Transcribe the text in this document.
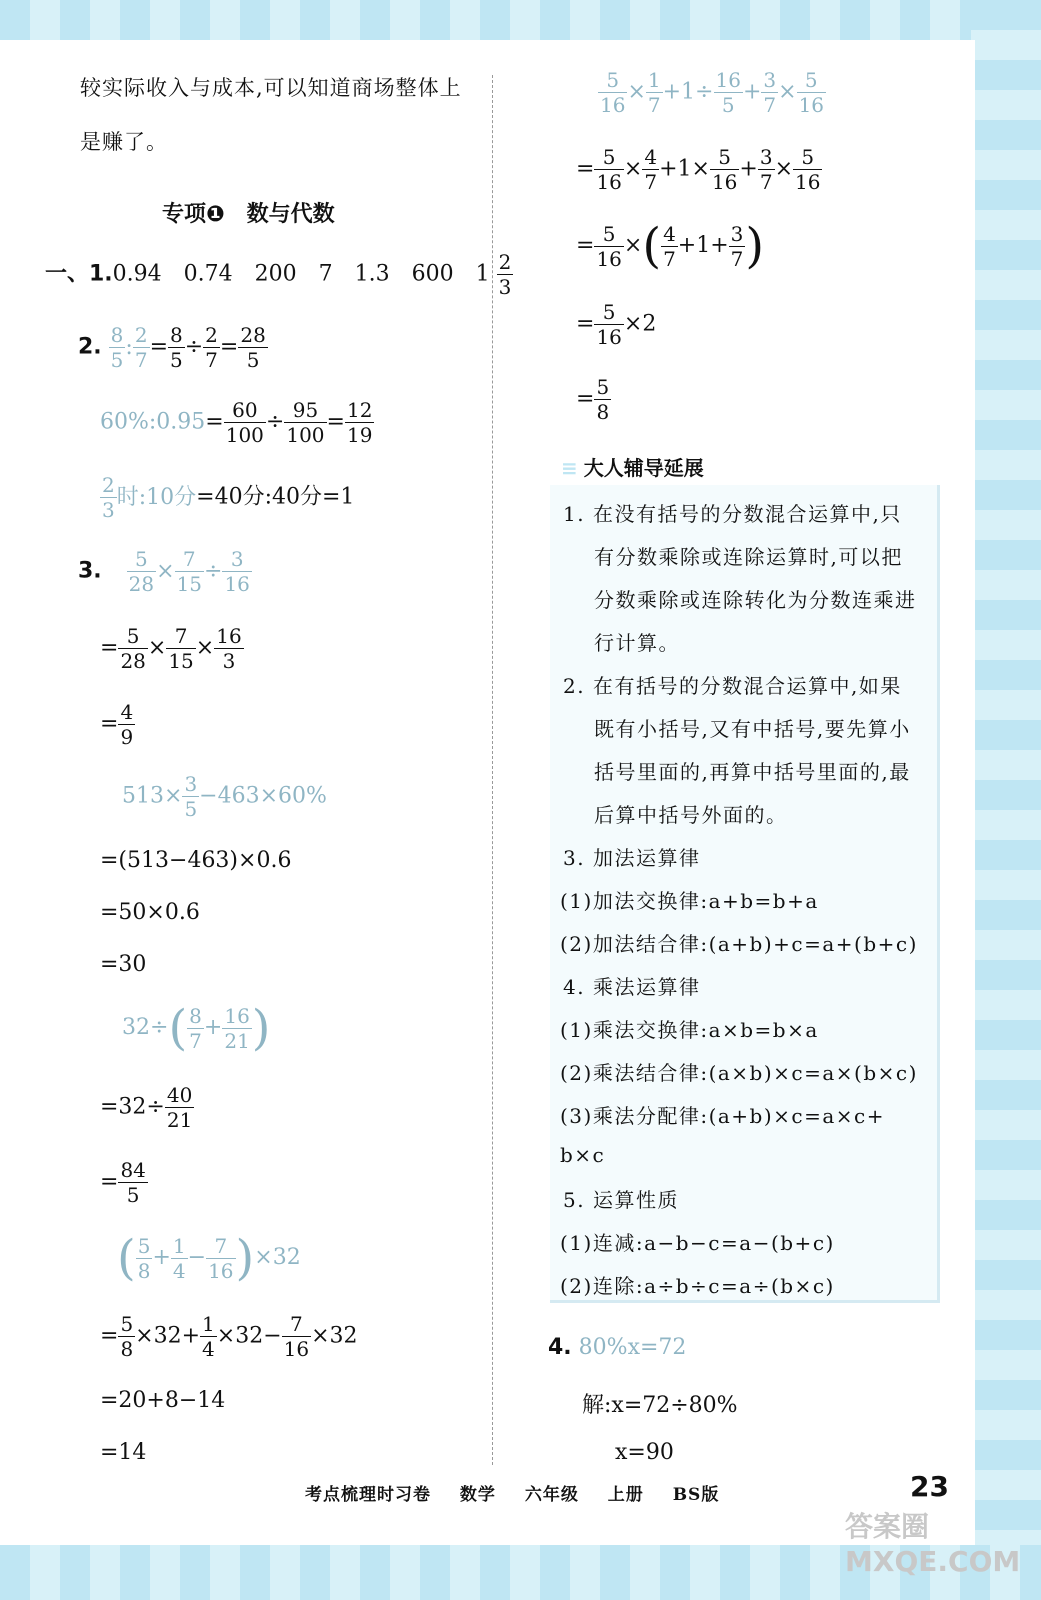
较实际收入与成本,可以知道商场整体上
是赚了。
专项❶　数与代数
一、1.0.94　0.74　200　7　1.3　600　$1 \frac{2}{3}$
2. $\frac{8}{5}$ : $\frac{2}{7} = \frac{8}{5} \div \frac{2}{7} = \frac{28}{5}$
60%:0.95= $\frac{60}{100} \div \frac{95}{100} = \frac{12}{19}$
$\frac{2}{3}$ 时:10分=40分:40分=1
3. $\frac{5}{28} \times \frac{7}{15} \div \frac{3}{16}$
= $\frac{5}{28} \times \frac{7}{15} \times \frac{16}{3}$
= $\frac{4}{9}$
$513\times \frac{3}{5} -463\times 60\%$
=(513−463)×0.6
=50×0.6
=30
$32\div( \frac{8}{7} + \frac{16}{21}$ )
$=32\div \frac{40}{21}$
= $\frac{84}{5}$
( $\frac{5}{8} + \frac{1}{4} - \frac{7}{16} )\times 32$
= $\frac{5}{8} \times 32+ \frac{1}{4} \times 32- \frac{7}{16} \times 32$
=20+8−14
=14
$\frac{5}{16} \times \frac{1}{7} +1\div \frac{16}{5} + \frac{3}{7} \times \frac{5}{16}$
= $\frac{5}{16} \times \frac{4}{7} +1\times \frac{5}{16} + \frac{3}{7} \times \frac{5}{16}$
= $\frac{5}{16}$ ×( $\frac{4}{7} +1+ \frac{3}{7}$ )
= $\frac{5}{16} \times 2$
= $\frac{5}{8}$
≡ 大人辅导延展
1. 在没有括号的分数混合运算中,只
有分数乘除或连除运算时,可以把
分数乘除或连除转化为分数连乘进
行计算。
2. 在有括号的分数混合运算中,如果
既有小括号,又有中括号,要先算小
括号里面的,再算中括号里面的,最
后算中括号外面的。
3. 加法运算律
(1)加法交换律:a+b=b+a
(2)加法结合律:(a+b)+c=a+(b+c)
4. 乘法运算律
(1)乘法交换律:a×b=b×a
(2)乘法结合律:(a×b)×c=a×(b×c)
(3)乘法分配律:(a+b)×c=a×c+
b×c
5. 运算性质
(1)连减:a−b−c=a−(b+c)
(2)连除:a÷b÷c=a÷(b×c)
4. 80%x=72
解:x=72÷80%
x=90
考点梳理时习卷 数学 六年级 上册 BS版	23
答案圈 MXQE.COM
